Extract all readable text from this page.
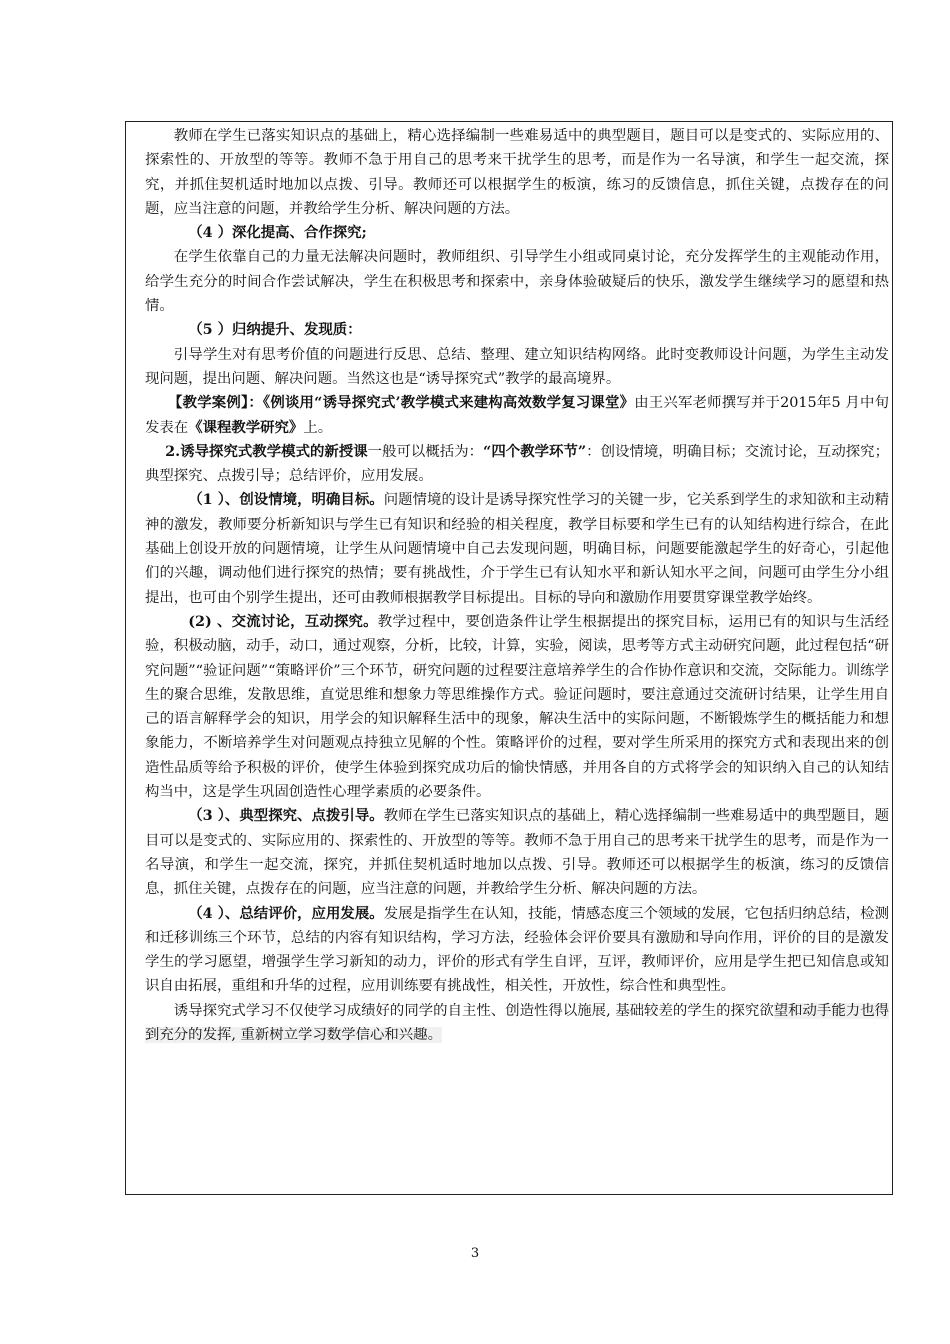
教师在学生已落实知识点的基础上，精心选择编制一些难易适中的典型题目，题目可以是变式的、实际应用的、探索性的、开放型的等等。教师不急于用自己的思考来干扰学生的思考，而是作为一名导演，和学生一起交流，探究，并抓住契机适时地加以点拨、引导。教师还可以根据学生的板演，练习的反馈信息，抓住关键，点拨存在的问题，应当注意的问题，并教给学生分析、解决问题的方法。

（4 ）深化提高、合作探究;

在学生依靠自己的力量无法解决问题时，教师组织、引导学生小组或同桌讨论，充分发挥学生的主观能动作用，给学生充分的时间合作尝试解决，学生在积极思考和探索中，亲身体验破疑后的快乐，激发学生继续学习的愿望和热情。

（5 ）归纳提升、发现质：

引导学生对有思考价值的问题进行反思、总结、整理、建立知识结构网络。此时变教师设计问题，为学生主动发现问题，提出问题、解决问题。当然这也是“诱导探究式”教学的最高境界。

【教学案例】：《例谈用“诱导探究式’教学模式来建构高效数学复习课堂》由王兴军老师撰写并于2015年5 月中旬发表在《课程教学研究》上。

2.诱导探究式教学模式的新授课一般可以概括为：“四个教学环节”：创设情境，明确目标；交流讨论，互动探究；典型探究、点拨引导；总结评价，应用发展。

（1 ）、创设情境，明确目标。问题情境的设计是诱导探究性学习的关键一步，它关系到学生的求知欲和主动精神的激发，教师要分析新知识与学生已有知识和经验的相关程度，教学目标要和学生已有的认知结构进行综合，在此基础上创设开放的问题情境，让学生从问题情境中自己去发现问题，明确目标，问题要能激起学生的好奇心，引起他们的兴趣，调动他们进行探究的热情；要有挑战性，介于学生已有认知水平和新认知水平之间，问题可由学生分小组提出，也可由个别学生提出，还可由教师根据教学目标提出。目标的导向和激励作用要贯穿课堂教学始终。

(2) 、交流讨论，互动探究。教学过程中，要创造条件让学生根据提出的探究目标，运用已有的知识与生活经验，积极动脑，动手，动口，通过观察，分析，比较，计算，实验，阅读，思考等方式主动研究问题，此过程包括“研究问题”“验证问题”“策略评价”三个环节，研究问题的过程要注意培养学生的合作协作意识和交流，交际能力。训练学生的聚合思维，发散思维，直觉思维和想象力等思维操作方式。验证问题时，要注意通过交流研讨结果，让学生用自己的语言解释学会的知识，用学会的知识解释生活中的现象，解决生活中的实际问题，不断锻炼学生的概括能力和想象能力，不断培养学生对问题观点持独立见解的个性。策略评价的过程，要对学生所采用的探究方式和表现出来的创造性品质等给予积极的评价，使学生体验到探究成功后的愉快情感，并用各自的方式将学会的知识纳入自己的认知结构当中，这是学生巩固创造性心理学素质的必要条件。

（3 ）、典型探究、点拨引导。教师在学生已落实知识点的基础上，精心选择编制一些难易适中的典型题目，题目可以是变式的、实际应用的、探索性的、开放型的等等。教师不急于用自己的思考来干扰学生的思考，而是作为一名导演，和学生一起交流，探究，并抓住契机适时地加以点拨、引导。教师还可以根据学生的板演，练习的反馈信息，抓住关键，点拨存在的问题，应当注意的问题，并教给学生分析、解决问题的方法。

（4 ）、总结评价，应用发展。发展是指学生在认知，技能，情感态度三个领域的发展，它包括归纳总结，检测和迁移训练三个环节，总结的内容有知识结构，学习方法，经验体会评价要具有激励和导向作用，评价的目的是激发学生的学习愿望，增强学生学习新知的动力，评价的形式有学生自评，互评，教师评价，应用是学生把已知信息或知识自由拓展，重组和升华的过程，应用训练要有挑战性，相关性，开放性，综合性和典型性。

诱导探究式学习不仅使学习成绩好的同学的自主性、创造性得以施展, 基础较差的学生的探究欲望和动手能力也得到充分的发挥, 重新树立学习数学信心和兴趣。

3
